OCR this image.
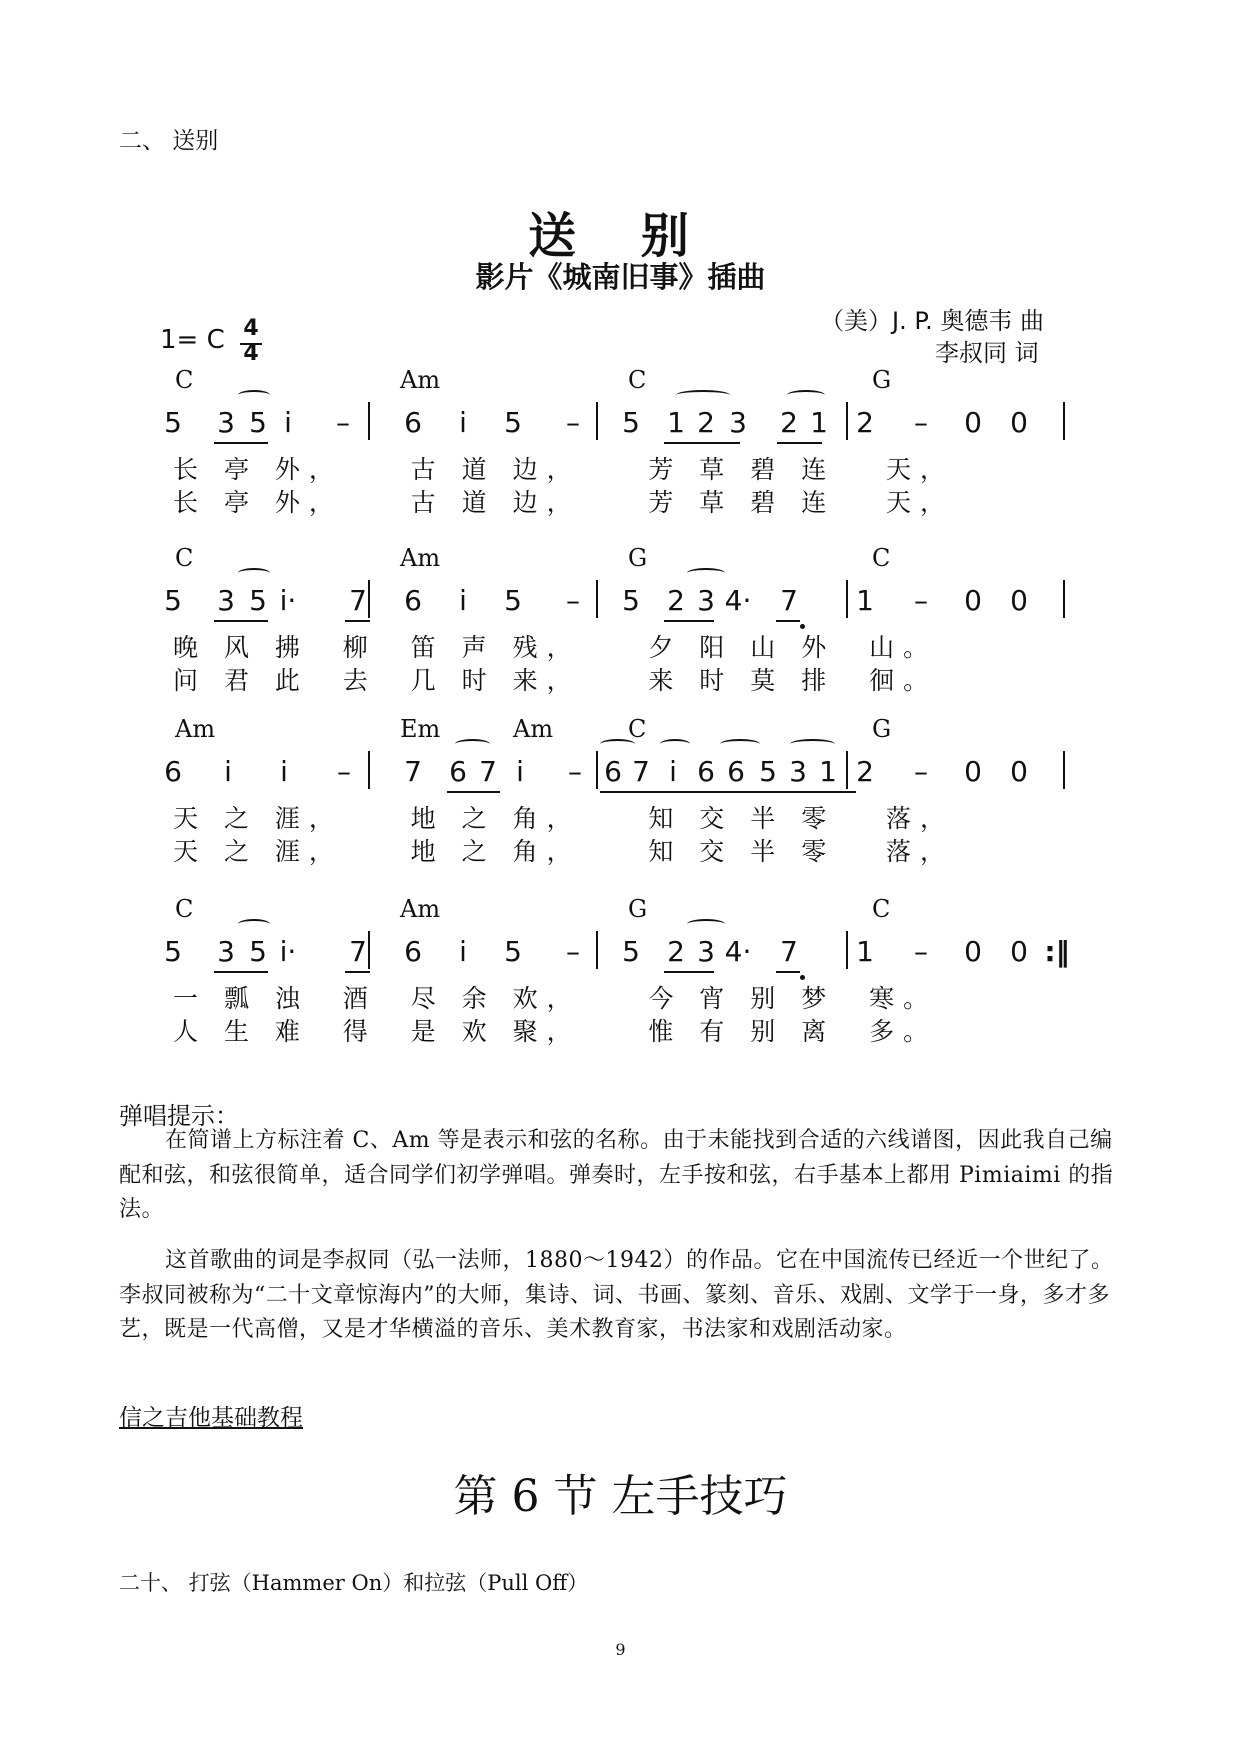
二、 送别
送 别
影片《城南旧事》插曲
（美）J. P. 奥德韦 曲
李叔同 词
1= C 4
4
C	Am	C	G
5 3 5 i	–	6	i	5	–	5 1 2 3 2 1 2	–	0 0
长 亭 外，    古 道 边，    芳 草 碧 连   天，
长 亭 外，    古 道 边，    芳 草 碧 连   天，
C	Am	G	C
5 3 5 i·	7 6	i	5	–	5 2 3 4· 7 1	–	0 0
晚 风 拂  柳  笛 声 残，    夕 阳 山 外  山。
问 君 此  去  几 时 来，    来 时 莫 排  徊。
Am	Em	Am	C	G
6	i	i	–	7 6 7 i	– 6 7 i 6 6 5 3 1 2	–	0 0
天 之 涯，    地 之 角，    知 交 半 零   落，
天 之 涯，    地 之 角，    知 交 半 零   落，
C	Am	G	C
5 3 5 i·	7 6	i	5	–	5 2 3 4· 7 1	–	0 0 :‖
一 瓢 浊  酒  尽 余 欢，    今 宵 别 梦  寒。
人 生 难  得  是 欢 聚，    惟 有 别 离  多。
弹唱提示：
在简谱上方标注着 C、Am 等是表示和弦的名称。由于未能找到合适的六线谱图，因此我自己编配和弦，和弦很简单，适合同学们初学弹唱。弹奏时，左手按和弦，右手基本上都用 Pimiaimi 的指法。
这首歌曲的词是李叔同（弘一法师，1880～1942）的作品。它在中国流传已经近一个世纪了。李叔同被称为“二十文章惊海内”的大师，集诗、词、书画、篆刻、音乐、戏剧、文学于一身，多才多艺，既是一代高僧，又是才华横溢的音乐、美术教育家，书法家和戏剧活动家。
信之吉他基础教程
第 6 节 左手技巧
二十、 打弦（Hammer On）和拉弦（Pull Off）
9
